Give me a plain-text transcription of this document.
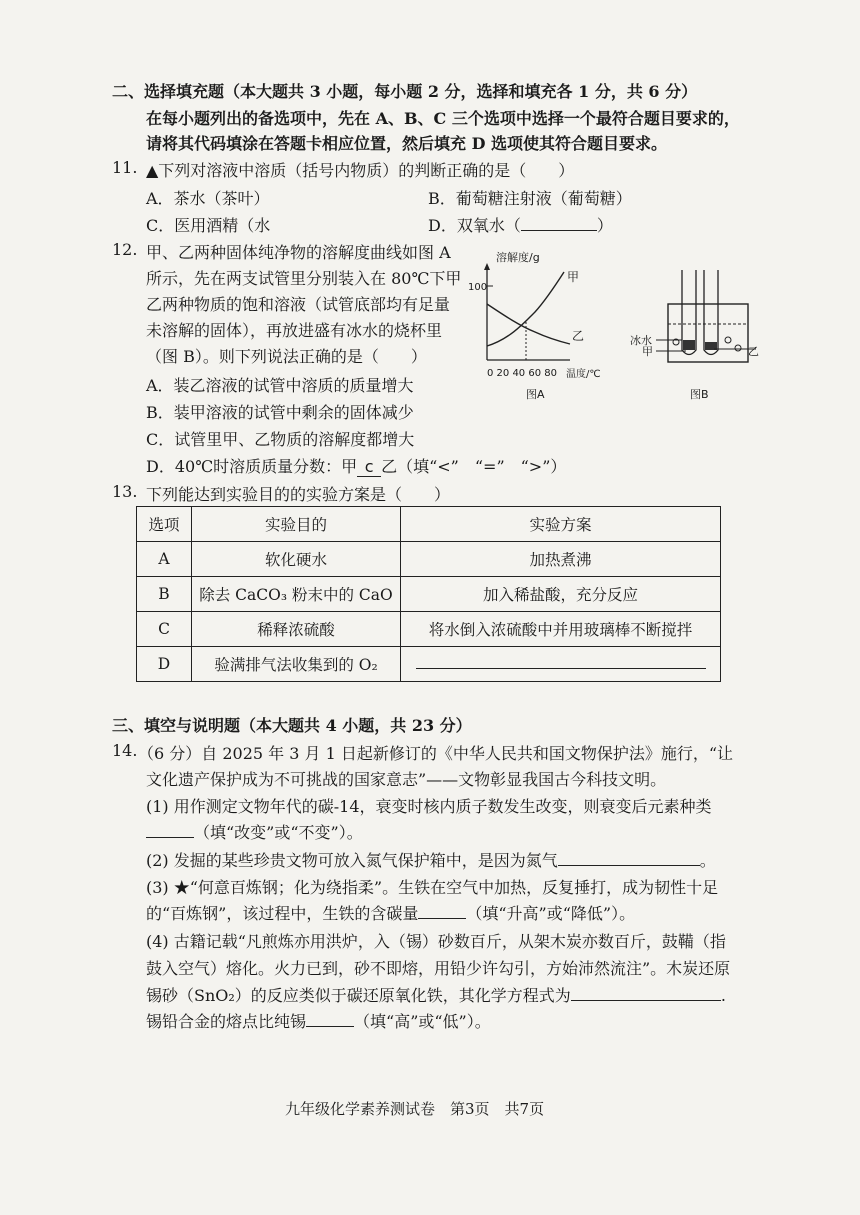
二、选择填充题（本大题共 3 小题，每小题 2 分，选择和填充各 1 分，共 6 分）
在每小题列出的备选项中，先在 A、B、C 三个选项中选择一个最符合题目要求的，
请将其代码填涂在答题卡相应位置，然后填充 D 选项使其符合题目要求。
11. ▲下列对溶液中溶质（括号内物质）的判断正确的是（　　）
A．茶水（茶叶）	B．葡萄糖注射液（葡萄糖）
C．医用酒精（水	D．双氧水（	）
12. 甲、乙两种固体纯净物的溶解度曲线如图 A
所示，先在两支试管里分别装入在 80℃下甲
乙两种物质的饱和溶液（试管底部均有足量
未溶解的固体），再放进盛有冰水的烧杯里
（图 B）。则下列说法正确的是（　　）
A．装乙溶液的试管中溶质的质量增大
B．装甲溶液的试管中剩余的固体减少
C．试管里甲、乙物质的溶解度都增大
D．40℃时溶质质量分数：甲 c 乙（填“<”　“=”　“>”）
溶解度/g
100
甲
乙
0 20 40 60 80 温度/℃
图A
冰水
甲	乙
图B
13. 下列能达到实验目的的实验方案是（　　）
选项	实验目的	实验方案
A	软化硬水	加热煮沸
B	除去 CaCO₃ 粉末中的 CaO	加入稀盐酸，充分反应
C	稀释浓硫酸	将水倒入浓硫酸中并用玻璃棒不断搅拌
D	验满排气法收集到的 O₂	
三、填空与说明题（本大题共 4 小题，共 23 分）
14. （6 分）自 2025 年 3 月 1 日起新修订的《中华人民共和国文物保护法》施行，“让
文化遗产保护成为不可挑战的国家意志”——文物彰显我国古今科技文明。
(1) 用作测定文物年代的碳-14，衰变时核内质子数发生改变，则衰变后元素种类
（填“改变”或“不变”）。
(2) 发掘的某些珍贵文物可放入氮气保护箱中，是因为氮气	。
(3) ★“何意百炼钢；化为绕指柔”。生铁在空气中加热，反复捶打，成为韧性十足
的“百炼钢”，该过程中，生铁的含碳量	（填“升高”或“降低”）。
(4) 古籍记载“凡煎炼亦用洪炉，入（锡）砂数百斤，从架木炭亦数百斤，鼓鞴（指
鼓入空气）熔化。火力已到，砂不即熔，用铅少许勾引，方始沛然流注”。木炭还原
锡砂（SnO₂）的反应类似于碳还原氧化铁，其化学方程式为	.
锡铅合金的熔点比纯锡	（填“高”或“低”）。
九年级化学素养测试卷　第3页　共7页
